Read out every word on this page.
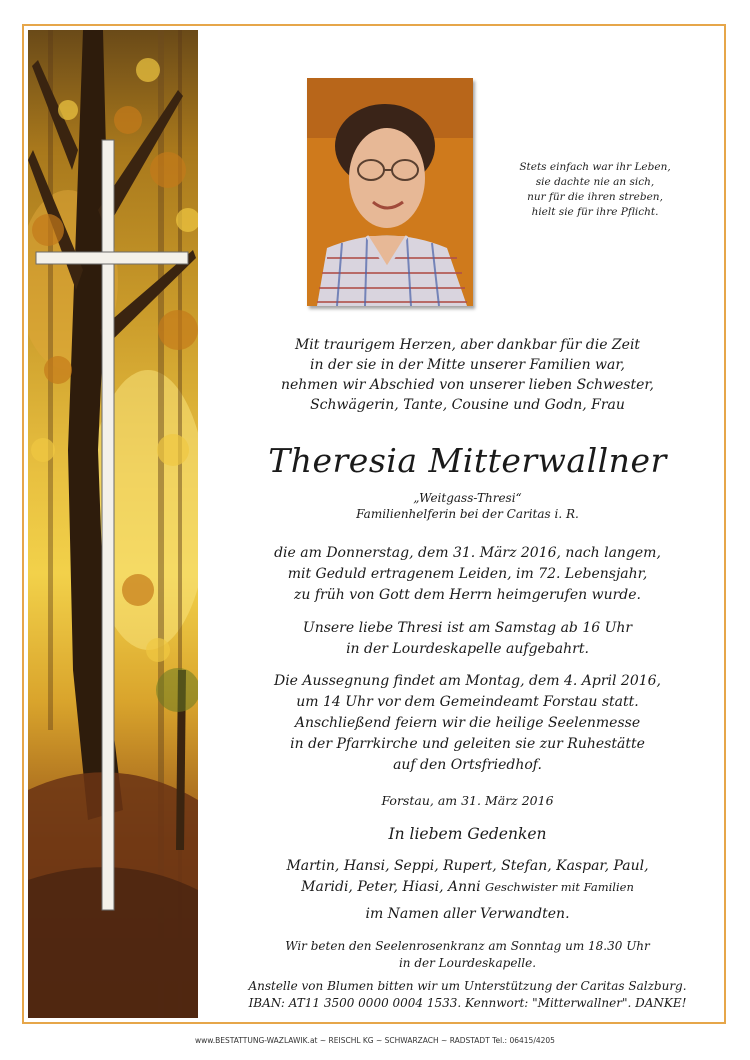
Stets einfach war ihr Leben,
sie dachte nie an sich,
nur für die ihren streben,
hielt sie für ihre Pflicht.
Mit traurigem Herzen, aber dankbar für die Zeit
in der sie in der Mitte unserer Familien war,
nehmen wir Abschied von unserer lieben Schwester,
Schwägerin, Tante, Cousine und Godn, Frau
Theresia Mitterwallner
„Weitgass-Thresi“
Familienhelferin bei der Caritas i. R.
die am Donnerstag, dem 31. März 2016, nach langem,
mit Geduld ertragenem Leiden, im 72. Lebensjahr,
zu früh von Gott dem Herrn heimgerufen wurde.
Unsere liebe Thresi ist am Samstag ab 16 Uhr
in der Lourdeskapelle aufgebahrt.
Die Aussegnung findet am Montag, dem 4. April 2016,
um 14 Uhr vor dem Gemeindeamt Forstau statt.
Anschließend feiern wir die heilige Seelenmesse
in der Pfarrkirche und geleiten sie zur Ruhestätte
auf den Ortsfriedhof.
Forstau, am 31. März 2016
In liebem Gedenken
Martin, Hansi, Seppi, Rupert, Stefan, Kaspar, Paul,
Maridi, Peter, Hiasi, Anni Geschwister mit Familien
im Namen aller Verwandten.
Wir beten den Seelenrosenkranz am Sonntag um 18.30 Uhr
in der Lourdeskapelle.
Anstelle von Blumen bitten wir um Unterstützung der Caritas Salzburg.
IBAN: AT11 3500 0000 0004 1533. Kennwort: "Mitterwallner". DANKE!
www.BESTATTUNG-WAZLAWIK.at ~ REISCHL KG ~ SCHWARZACH ~ RADSTADT Tel.: 06415/4205
